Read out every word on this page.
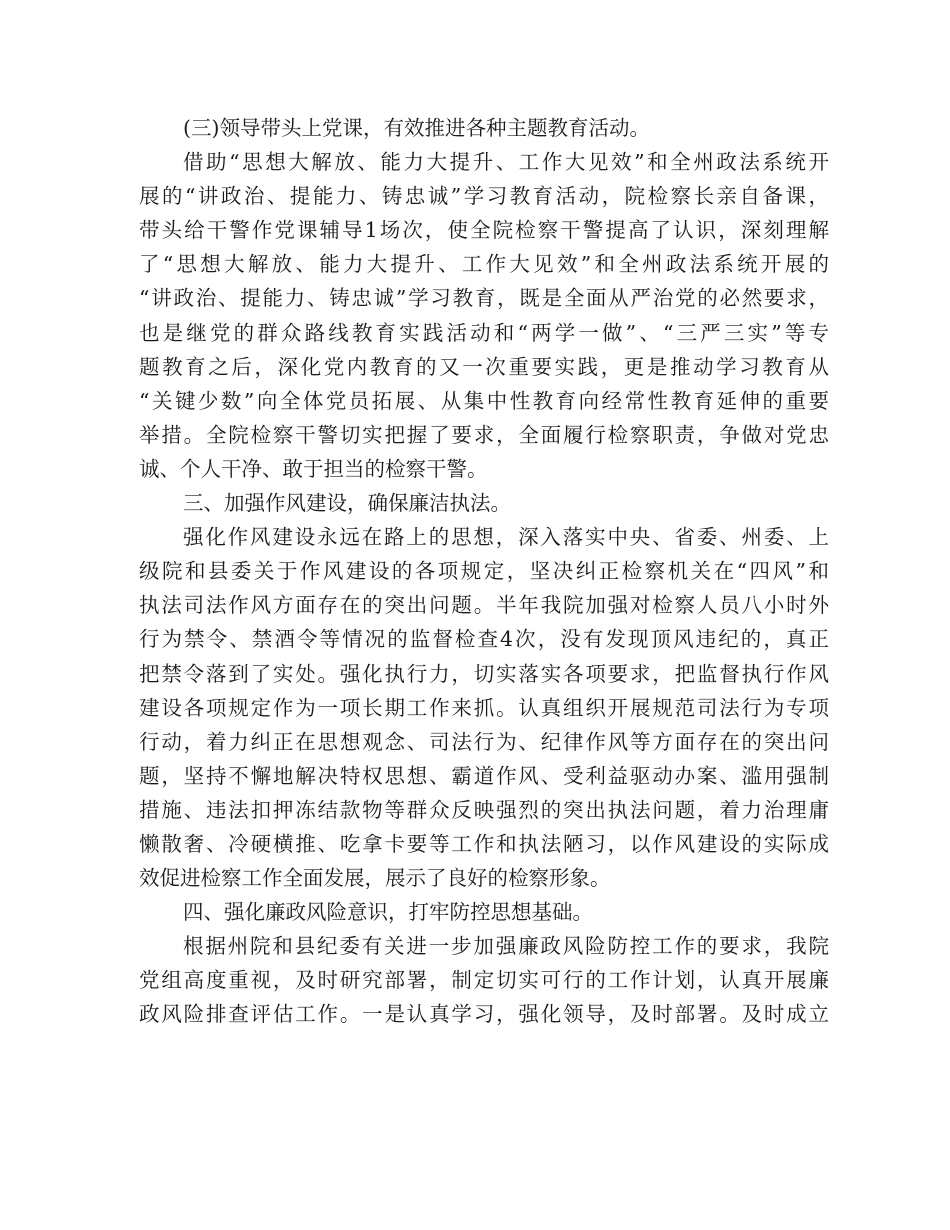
(三)领导带头上党课，有效推进各种主题教育活动。
借助“思想大解放、能力大提升、工作大见效”和全州政法系统开
展的“讲政治、提能力、铸忠诚”学习教育活动，院检察长亲自备课，
带头给干警作党课辅导1场次，使全院检察干警提高了认识，深刻理解
了“思想大解放、能力大提升、工作大见效”和全州政法系统开展的
“讲政治、提能力、铸忠诚”学习教育，既是全面从严治党的必然要求，
也是继党的群众路线教育实践活动和“两学一做”、“三严三实”等专
题教育之后，深化党内教育的又一次重要实践，更是推动学习教育从
“关键少数”向全体党员拓展、从集中性教育向经常性教育延伸的重要
举措。全院检察干警切实把握了要求，全面履行检察职责，争做对党忠
诚、个人干净、敢于担当的检察干警。
三、加强作风建设，确保廉洁执法。
强化作风建设永远在路上的思想，深入落实中央、省委、州委、上
级院和县委关于作风建设的各项规定，坚决纠正检察机关在“四风”和
执法司法作风方面存在的突出问题。半年我院加强对检察人员八小时外
行为禁令、禁酒令等情况的监督检查4次，没有发现顶风违纪的，真正
把禁令落到了实处。强化执行力，切实落实各项要求，把监督执行作风
建设各项规定作为一项长期工作来抓。认真组织开展规范司法行为专项
行动，着力纠正在思想观念、司法行为、纪律作风等方面存在的突出问
题，坚持不懈地解决特权思想、霸道作风、受利益驱动办案、滥用强制
措施、违法扣押冻结款物等群众反映强烈的突出执法问题，着力治理庸
懒散奢、冷硬横推、吃拿卡要等工作和执法陋习，以作风建设的实际成
效促进检察工作全面发展，展示了良好的检察形象。
四、强化廉政风险意识，打牢防控思想基础。
根据州院和县纪委有关进一步加强廉政风险防控工作的要求，我院
党组高度重视，及时研究部署，制定切实可行的工作计划，认真开展廉
政风险排查评估工作。一是认真学习，强化领导，及时部署。及时成立
